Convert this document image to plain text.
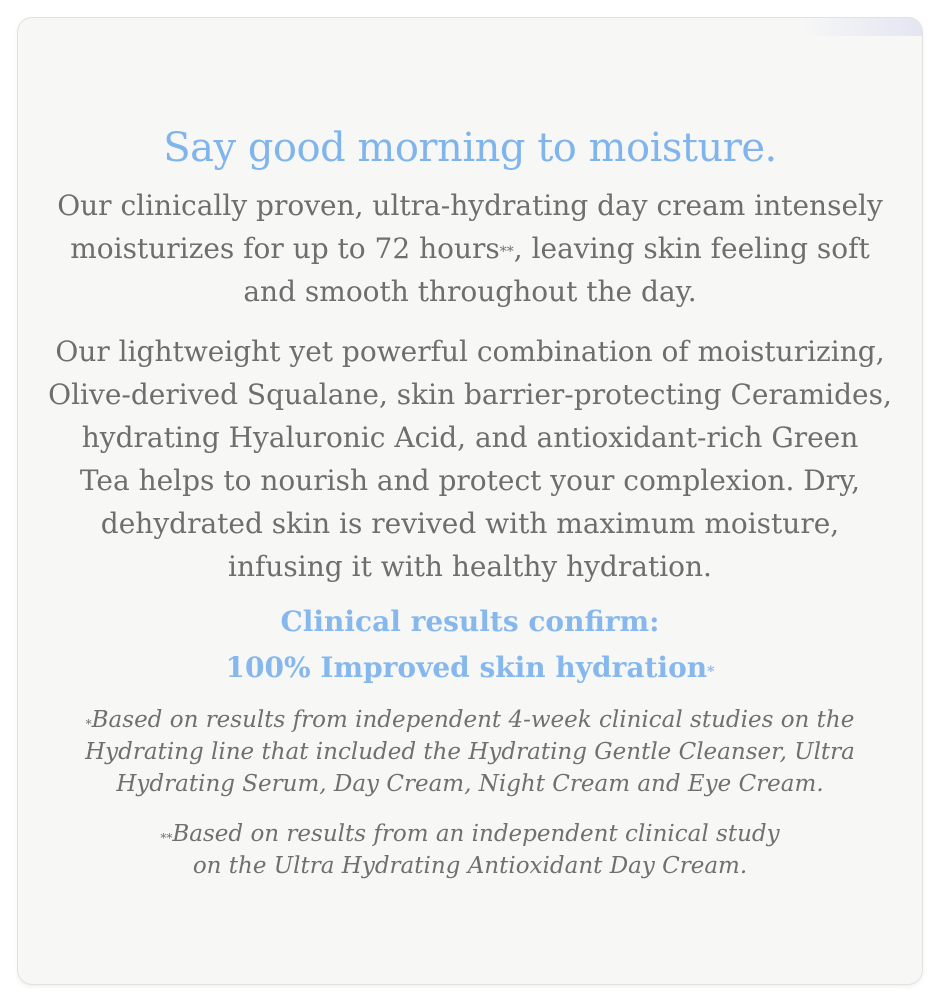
Say good morning to moisture.
Our clinically proven, ultra-hydrating day cream intensely
moisturizes for up to 72 hours**, leaving skin feeling soft
and smooth throughout the day.
Our lightweight yet powerful combination of moisturizing,
Olive-derived Squalane, skin barrier-protecting Ceramides,
hydrating Hyaluronic Acid, and antioxidant-rich Green
Tea helps to nourish and protect your complexion. Dry,
dehydrated skin is revived with maximum moisture,
infusing it with healthy hydration.
Clinical results confirm:
100% Improved skin hydration*
*Based on results from independent 4-week clinical studies on the
Hydrating line that included the Hydrating Gentle Cleanser, Ultra
Hydrating Serum, Day Cream, Night Cream and Eye Cream.
**Based on results from an independent clinical study
on the Ultra Hydrating Antioxidant Day Cream.
